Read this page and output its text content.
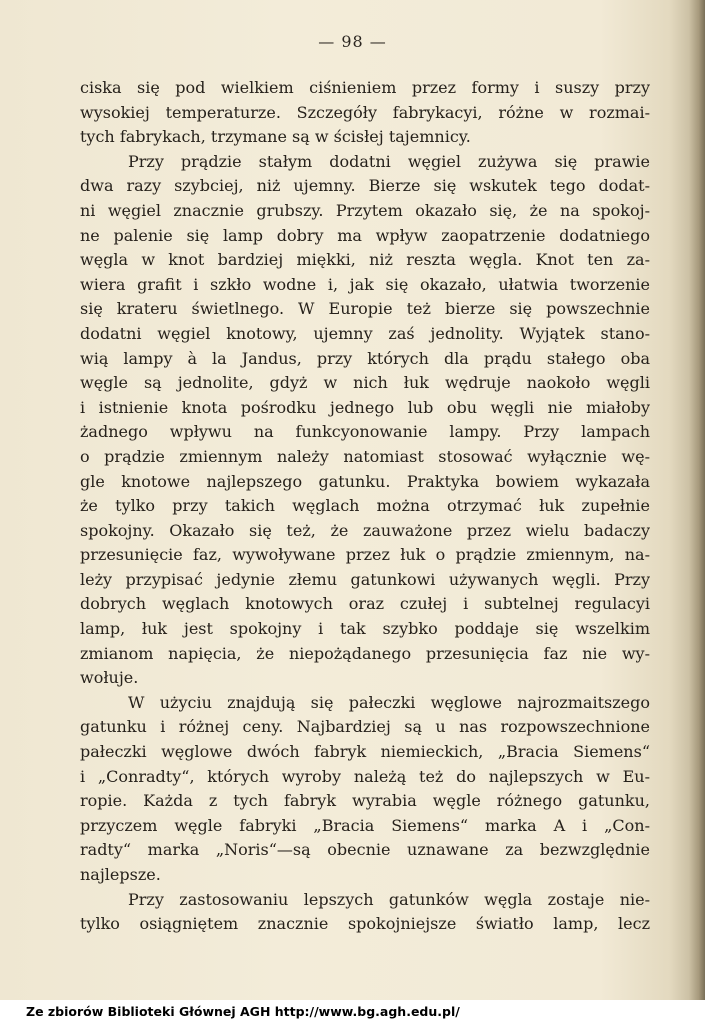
— 98 —
ciska się pod wielkiem ciśnieniem przez formy i suszy przy
wysokiej temperaturze. Szczegóły fabrykacyi, różne w rozmai-
tych fabrykach, trzymane są w ścisłej tajemnicy.
Przy prądzie stałym dodatni węgiel zużywa się prawie
dwa razy szybciej, niż ujemny. Bierze się wskutek tego dodat-
ni węgiel znacznie grubszy. Przytem okazało się, że na spokoj-
ne palenie się lamp dobry ma wpływ zaopatrzenie dodatniego
węgla w knot bardziej miękki, niż reszta węgla. Knot ten za-
wiera grafit i szkło wodne i, jak się okazało, ułatwia tworzenie
się krateru świetlnego. W Europie też bierze się powszechnie
dodatni węgiel knotowy, ujemny zaś jednolity. Wyjątek stano-
wią lampy à la Jandus, przy których dla prądu stałego oba
węgle są jednolite, gdyż w nich łuk wędruje naokoło węgli
i istnienie knota pośrodku jednego lub obu węgli nie miałoby
żadnego wpływu na funkcyonowanie lampy. Przy lampach
o prądzie zmiennym należy natomiast stosować wyłącznie wę-
gle knotowe najlepszego gatunku. Praktyka bowiem wykazała
że tylko przy takich węglach można otrzymać łuk zupełnie
spokojny. Okazało się też, że zauważone przez wielu badaczy
przesunięcie faz, wywoływane przez łuk o prądzie zmiennym, na-
leży przypisać jedynie złemu gatunkowi używanych węgli. Przy
dobrych węglach knotowych oraz czułej i subtelnej regulacyi
lamp, łuk jest spokojny i tak szybko poddaje się wszelkim
zmianom napięcia, że niepożądanego przesunięcia faz nie wy-
wołuje.
W użyciu znajdują się pałeczki węglowe najrozmaitszego
gatunku i różnej ceny. Najbardziej są u nas rozpowszechnione
pałeczki węglowe dwóch fabryk niemieckich, „Bracia Siemens“
i „Conradty“, których wyroby należą też do najlepszych w Eu-
ropie. Każda z tych fabryk wyrabia węgle różnego gatunku,
przyczem węgle fabryki „Bracia Siemens“ marka A i „Con-
radty“ marka „Noris“—są obecnie uznawane za bezwzględnie
najlepsze.
Przy zastosowaniu lepszych gatunków węgla zostaje nie-
tylko osiągniętem znacznie spokojniejsze światło lamp, lecz
Ze zbiorów Biblioteki Głównej AGH http://www.bg.agh.edu.pl/
